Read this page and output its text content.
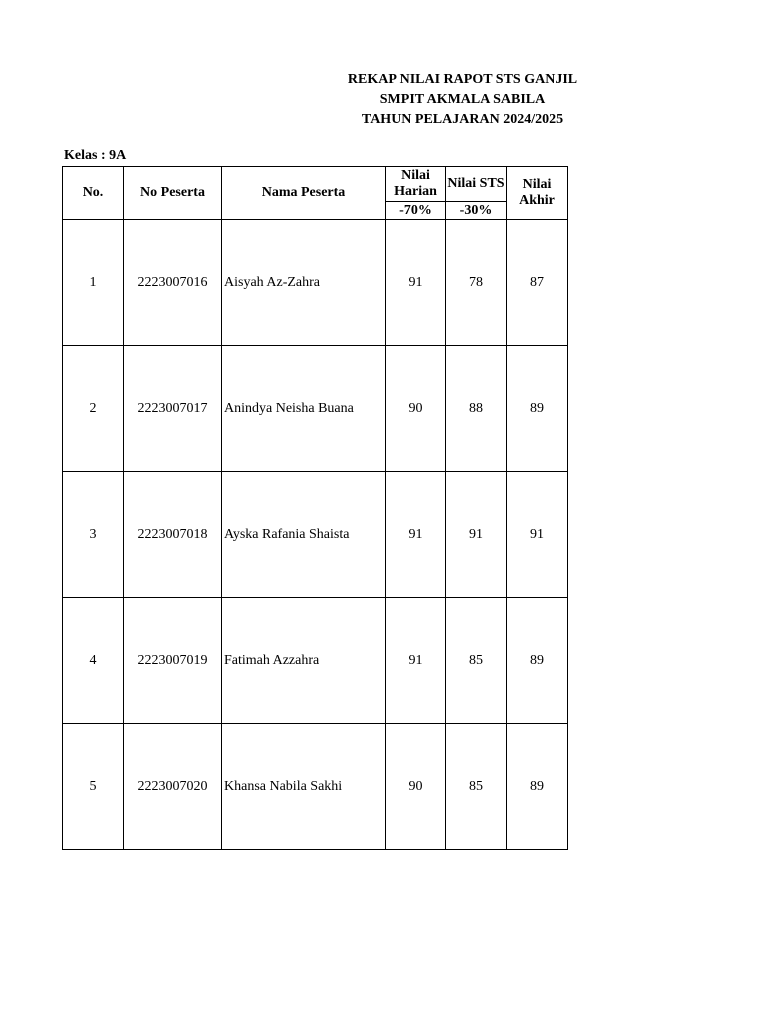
REKAP NILAI RAPOT STS GANJIL
SMPIT AKMALA SABILA
TAHUN PELAJARAN 2024/2025
Kelas : 9A
No.	No Peserta	Nama Peserta	Nilai Harian	Nilai STS	Nilai Akhir
			-70%	-30%	
1	2223007016	Aisyah Az-Zahra	91	78	87
2	2223007017	Anindya Neisha Buana	90	88	89
3	2223007018	Ayska Rafania Shaista	91	91	91
4	2223007019	Fatimah Azzahra	91	85	89
5	2223007020	Khansa Nabila Sakhi	90	85	89
